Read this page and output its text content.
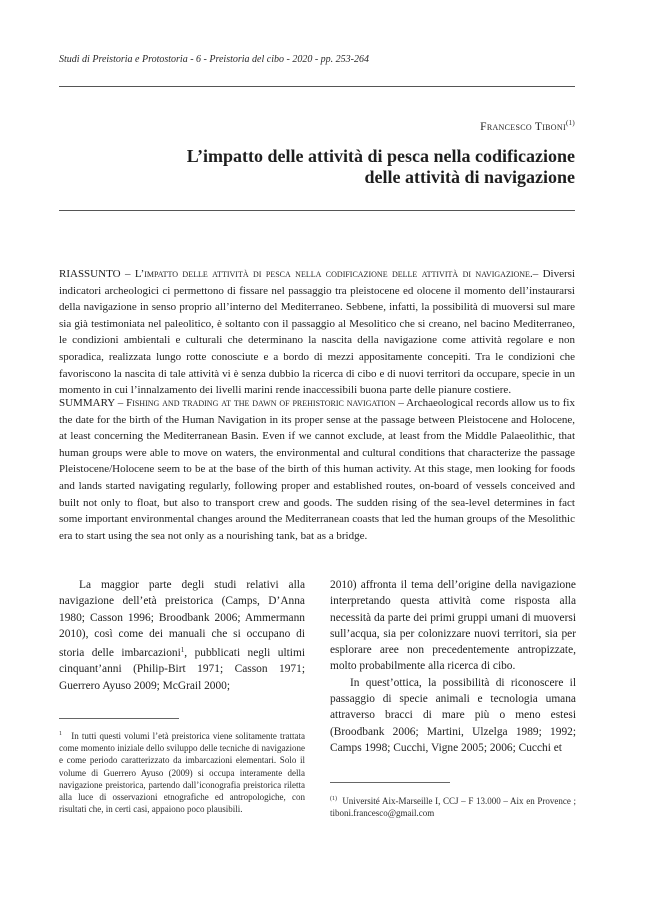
Studi di Preistoria e Protostoria - 6 - Preistoria del cibo - 2020 - pp. 253-264
Francesco Tiboni$^{(1)}$
L’impatto delle attività di pesca nella codificazione
delle attività di navigazione
RIASSUNTO – L’impatto delle attività di pesca nella codificazione delle attività di navigazione.– Diversi indicatori archeologici ci permettono di fissare nel passaggio tra pleistocene ed olocene il momento dell’instaurarsi della navigazione in senso proprio all’interno del Mediterraneo. Sebbene, infatti, la possibilità di muoversi sul mare sia già testimoniata nel paleolitico, è soltanto con il passaggio al Mesolitico che si creano, nel bacino Mediterraneo, le condizioni ambientali e culturali che determinano la nascita della navigazione come attività regolare e non sporadica, realizzata lungo rotte conosciute e a bordo di mezzi appositamente concepiti. Tra le condizioni che favoriscono la nascita di tale attività vi è senza dubbio la ricerca di cibo e di nuovi territori da occupare, specie in un momento in cui l’innalzamento dei livelli marini rende inaccessibili buona parte delle pianure costiere.
SUMMARY – Fishing and trading at the dawn of prehistoric navigation – Archaeological records allow us to fix the date for the birth of the Human Navigation in its proper sense at the passage between Pleistocene and Holocene, at least concerning the Mediterranean Basin. Even if we cannot exclude, at least from the Middle Palaeolithic, that human groups were able to move on waters, the environmental and cultural conditions that characterize the passage Pleistocene/Holocene seem to be at the base of the birth of this human activity. At this stage, men looking for foods and lands started navigating regularly, following proper and established routes, on-board of vessels conceived and built not only to float, but also to transport crew and goods. The sudden rising of the sea-level determines in fact some important environmental changes around the Mediterranean coasts that led the human groups of the Mesolithic era to start using the sea not only as a nourishing tank, bat as a bridge.

La maggior parte degli studi relativi alla navigazione dell’età preistorica (Camps, D’Anna 1980; Casson 1996; Broodbank 2006; Ammermann 2010), così come dei manuali che si occupano di storia delle imbarcazioni$^1$, pubblicati negli ultimi cinquant’anni (Philip-Birt 1971; Casson 1971; Guerrero Ayuso 2009; McGrail 2000;

2010) affronta il tema dell’origine della navigazione interpretando questa attività come risposta alla necessità da parte dei primi gruppi umani di muoversi sull’acqua, sia per colonizzare nuovi territori, sia per esplorare aree non precedentemente antropizzate, molto probabilmente alla ricerca di cibo.

In quest’ottica, la possibilità di riconoscere il passaggio di specie animali e tecnologia umana attraverso bracci di mare più o meno estesi (Broodbank 2006; Martini, Ulzelga 1989; 1992; Camps 1998; Cucchi, Vigne 2005; 2006; Cucchi et

$^1$ In tutti questi volumi l’età preistorica viene solitamente trattata come momento iniziale dello sviluppo delle tecniche di navigazione e come periodo caratterizzato da imbarcazioni elementari. Solo il volume di Guerrero Ayuso (2009) si occupa interamente della navigazione preistorica, partendo dall’iconografia preistorica riletta alla luce di osservazioni etnografiche ed antropologiche, con risultati che, in certi casi, appaiono poco plausibili.
$^{(1)}$ Université Aix-Marseille I, CCJ – F 13.000 – Aix en Provence ; tiboni.francesco@gmail.com
